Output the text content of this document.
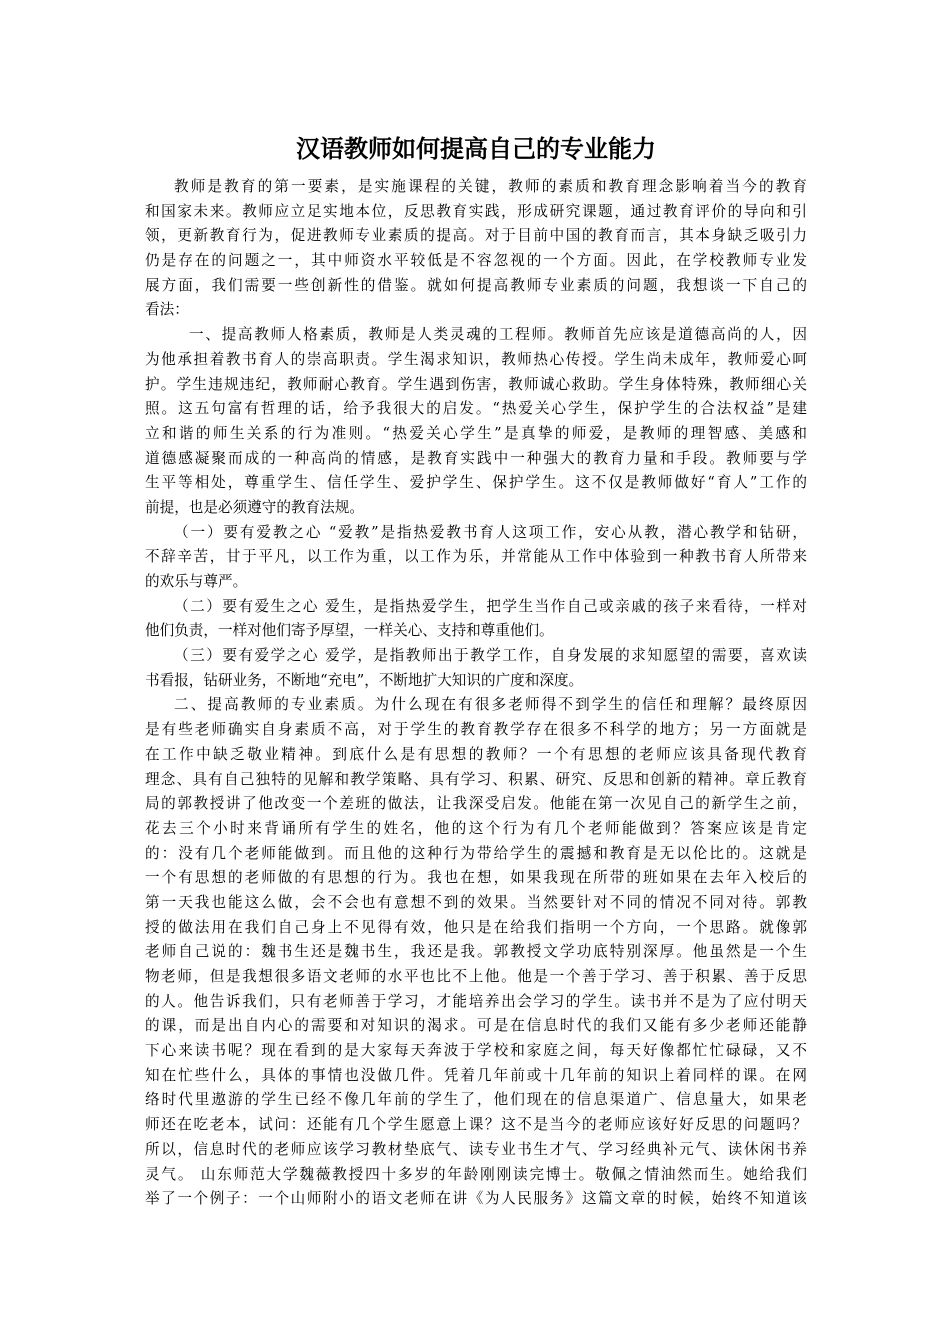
汉语教师如何提高自己的专业能力
教师是教育的第一要素，是实施课程的关键，教师的素质和教育理念影响着当今的教育
和国家未来。教师应立足实地本位，反思教育实践，形成研究课题，通过教育评价的导向和引
领，更新教育行为，促进教师专业素质的提高。对于目前中国的教育而言，其本身缺乏吸引力
仍是存在的问题之一，其中师资水平较低是不容忽视的一个方面。因此，在学校教师专业发
展方面，我们需要一些创新性的借鉴。就如何提高教师专业素质的问题，我想谈一下自己的
看法：
一、提高教师人格素质，教师是人类灵魂的工程师。教师首先应该是道德高尚的人，因
为他承担着教书育人的崇高职责。学生渴求知识，教师热心传授。学生尚未成年，教师爱心呵
护。学生违规违纪，教师耐心教育。学生遇到伤害，教师诚心救助。学生身体特殊，教师细心关
照。这五句富有哲理的话，给予我很大的启发。“热爱关心学生，保护学生的合法权益”是建
立和谐的师生关系的行为准则。“热爱关心学生”是真挚的师爱，是教师的理智感、美感和
道德感凝聚而成的一种高尚的情感，是教育实践中一种强大的教育力量和手段。教师要与学
生平等相处，尊重学生、信任学生、爱护学生、保护学生。这不仅是教师做好“育人”工作的
前提，也是必须遵守的教育法规。
（一）要有爱教之心 “爱教”是指热爱教书育人这项工作，安心从教，潜心教学和钻研，
不辞辛苦，甘于平凡，以工作为重，以工作为乐，并常能从工作中体验到一种教书育人所带来
的欢乐与尊严。
（二）要有爱生之心 爱生，是指热爱学生，把学生当作自己或亲戚的孩子来看待，一样对
他们负责，一样对他们寄予厚望，一样关心、支持和尊重他们。
（三）要有爱学之心 爱学，是指教师出于教学工作，自身发展的求知愿望的需要，喜欢读
书看报，钻研业务，不断地“充电”，不断地扩大知识的广度和深度。
二、提高教师的专业素质。为什么现在有很多老师得不到学生的信任和理解？最终原因
是有些老师确实自身素质不高，对于学生的教育教学存在很多不科学的地方；另一方面就是
在工作中缺乏敬业精神。到底什么是有思想的教师？一个有思想的老师应该具备现代教育
理念、具有自己独特的见解和教学策略、具有学习、积累、研究、反思和创新的精神。章丘教育
局的郭教授讲了他改变一个差班的做法，让我深受启发。他能在第一次见自己的新学生之前，
花去三个小时来背诵所有学生的姓名，他的这个行为有几个老师能做到？答案应该是肯定
的：没有几个老师能做到。而且他的这种行为带给学生的震撼和教育是无以伦比的。这就是
一个有思想的老师做的有思想的行为。我也在想，如果我现在所带的班如果在去年入校后的
第一天我也能这么做，会不会也有意想不到的效果。当然要针对不同的情况不同对待。郭教
授的做法用在我们自己身上不见得有效，他只是在给我们指明一个方向，一个思路。就像郭
老师自己说的：魏书生还是魏书生，我还是我。郭教授文学功底特别深厚。他虽然是一个生
物老师，但是我想很多语文老师的水平也比不上他。他是一个善于学习、善于积累、善于反思
的人。他告诉我们，只有老师善于学习，才能培养出会学习的学生。读书并不是为了应付明天
的课，而是出自内心的需要和对知识的渴求。可是在信息时代的我们又能有多少老师还能静
下心来读书呢？现在看到的是大家每天奔波于学校和家庭之间，每天好像都忙忙碌碌，又不
知在忙些什么，具体的事情也没做几件。凭着几年前或十几年前的知识上着同样的课。在网
络时代里遨游的学生已经不像几年前的学生了，他们现在的信息渠道广、信息量大，如果老
师还在吃老本，试问：还能有几个学生愿意上课？这不是当今的老师应该好好反思的问题吗？
所以，信息时代的老师应该学习教材垫底气、读专业书生才气、学习经典补元气、读休闲书养
灵气。 山东师范大学魏薇教授四十多岁的年龄刚刚读完博士。敬佩之情油然而生。她给我们
举了一个例子：一个山师附小的语文老师在讲《为人民服务》这篇文章的时候，始终不知道该
